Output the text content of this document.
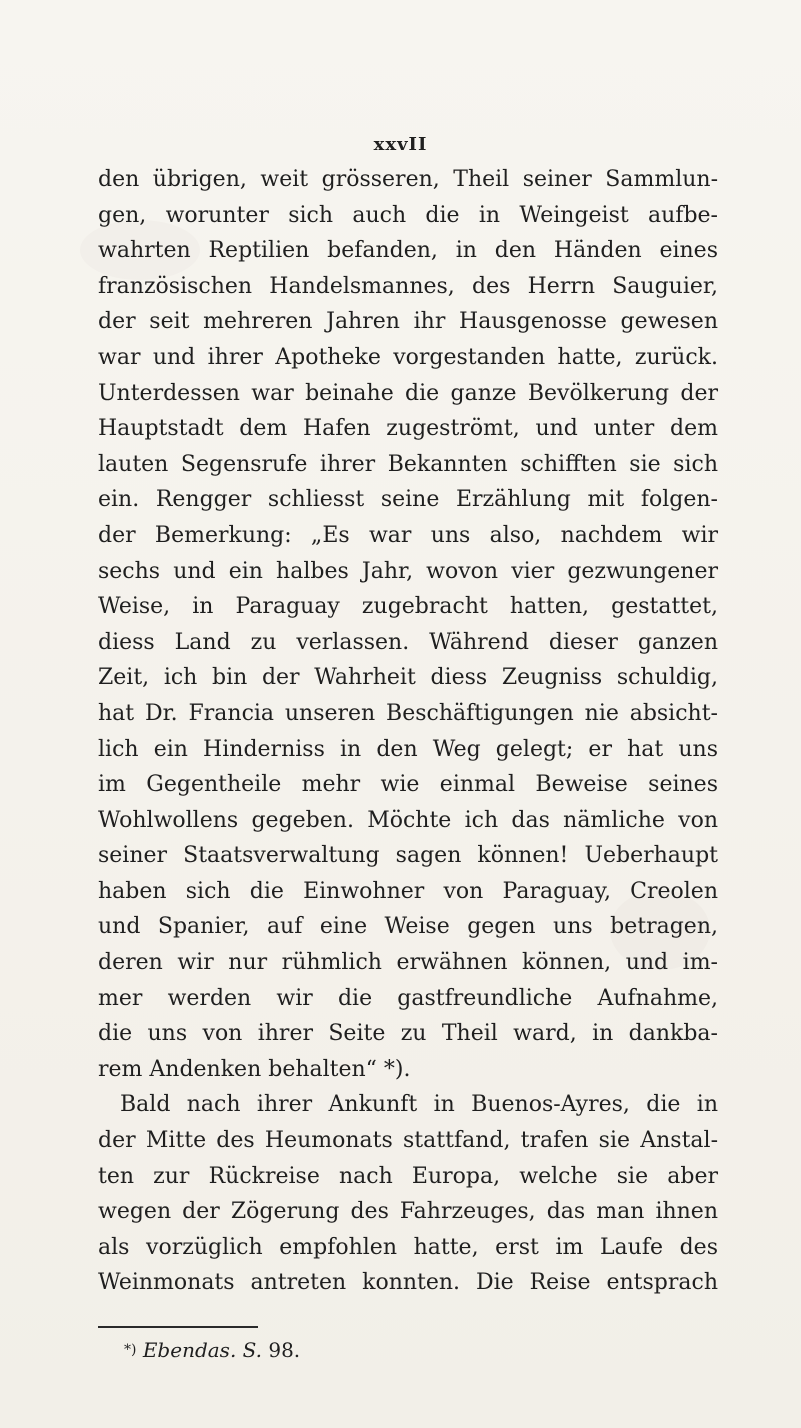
xxvII
den übrigen, weit grösseren, Theil seiner Sammlun-
gen, worunter sich auch die in Weingeist aufbe-
wahrten Reptilien befanden, in den Händen eines
französischen Handelsmannes, des Herrn Sauguier,
der seit mehreren Jahren ihr Hausgenosse gewesen
war und ihrer Apotheke vorgestanden hatte, zurück.
Unterdessen war beinahe die ganze Bevölkerung der
Hauptstadt dem Hafen zugeströmt, und unter dem
lauten Segensrufe ihrer Bekannten schifften sie sich
ein. Rengger schliesst seine Erzählung mit folgen-
der Bemerkung: „Es war uns also, nachdem wir
sechs und ein halbes Jahr, wovon vier gezwungener
Weise, in Paraguay zugebracht hatten, gestattet,
diess Land zu verlassen. Während dieser ganzen
Zeit, ich bin der Wahrheit diess Zeugniss schuldig,
hat Dr. Francia unseren Beschäftigungen nie absicht-
lich ein Hinderniss in den Weg gelegt; er hat uns
im Gegentheile mehr wie einmal Beweise seines
Wohlwollens gegeben. Möchte ich das nämliche von
seiner Staatsverwaltung sagen können! Ueberhaupt
haben sich die Einwohner von Paraguay, Creolen
und Spanier, auf eine Weise gegen uns betragen,
deren wir nur rühmlich erwähnen können, und im-
mer werden wir die gastfreundliche Aufnahme,
die uns von ihrer Seite zu Theil ward, in dankba-
rem Andenken behalten“ *).
Bald nach ihrer Ankunft in Buenos-Ayres, die in
der Mitte des Heumonats stattfand, trafen sie Anstal-
ten zur Rückreise nach Europa, welche sie aber
wegen der Zögerung des Fahrzeuges, das man ihnen
als vorzüglich empfohlen hatte, erst im Laufe des
Weinmonats antreten konnten. Die Reise entsprach
*) Ebendas. S. 98.
